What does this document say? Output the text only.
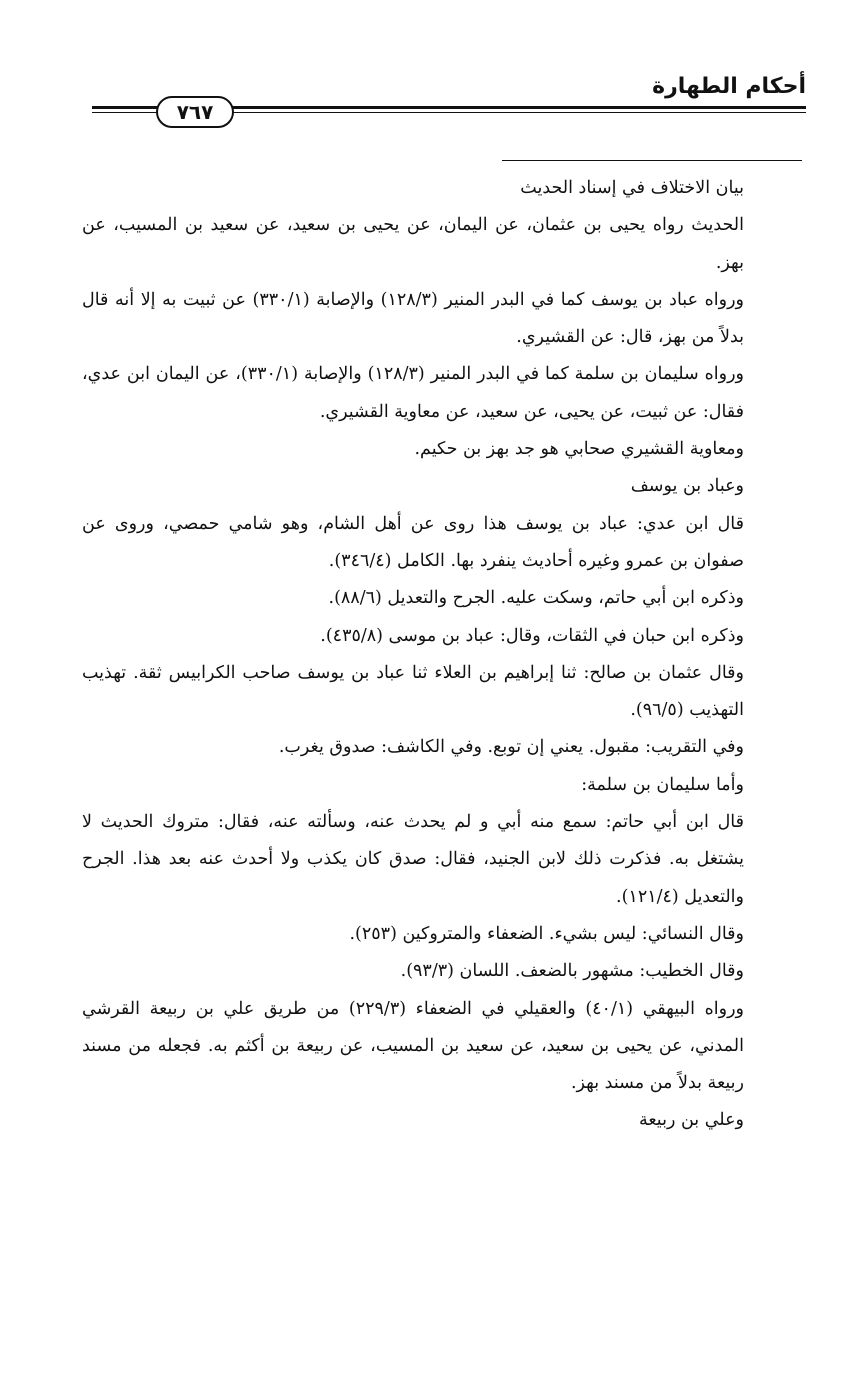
أحكام الطهارة
٧٦٧

بيان الاختلاف في إسناد الحديث

الحديث رواه يحيى بن عثمان، عن اليمان، عن يحيى بن سعيد، عن سعيد بن المسيب، عن بهز.

ورواه عباد بن يوسف كما في البدر المنير (١٢٨/٣) والإصابة (٣٣٠/١) عن ثبيت به إلا أنه قال بدلاً من بهز، قال: عن القشيري.

ورواه سليمان بن سلمة كما في البدر المنير (١٢٨/٣) والإصابة (٣٣٠/١)، عن اليمان ابن عدي، فقال: عن ثبيت، عن يحيى، عن سعيد، عن معاوية القشيري.

ومعاوية القشيري صحابي هو جد بهز بن حكيم.

وعباد بن يوسف

قال ابن عدي: عباد بن يوسف هذا روى عن أهل الشام، وهو شامي حمصي، وروى عن صفوان بن عمرو وغيره أحاديث ينفرد بها. الكامل (٣٤٦/٤).

وذكره ابن أبي حاتم، وسكت عليه. الجرح والتعديل (٨٨/٦).

وذكره ابن حبان في الثقات، وقال: عباد بن موسى (٤٣٥/٨).

وقال عثمان بن صالح: ثنا إبراهيم بن العلاء ثنا عباد بن يوسف صاحب الكرابيس ثقة. تهذيب التهذيب (٩٦/٥).

وفي التقريب: مقبول. يعني إن توبع. وفي الكاشف: صدوق يغرب.

وأما سليمان بن سلمة:

قال ابن أبي حاتم: سمع منه أبي و لم يحدث عنه، وسألته عنه، فقال: متروك الحديث لا يشتغل به. فذكرت ذلك لابن الجنيد، فقال: صدق كان يكذب ولا أحدث عنه بعد هذا. الجرح والتعديل (١٢١/٤).

وقال النسائي: ليس بشيء. الضعفاء والمتروكين (٢٥٣).

وقال الخطيب: مشهور بالضعف. اللسان (٩٣/٣).

ورواه البيهقي (٤٠/١) والعقيلي في الضعفاء (٢٢٩/٣) من طريق علي بن ربيعة القرشي المدني، عن يحيى بن سعيد، عن سعيد بن المسيب، عن ربيعة بن أكثم به. فجعله من مسند ربيعة بدلاً من مسند بهز.

وعلي بن ربيعة
